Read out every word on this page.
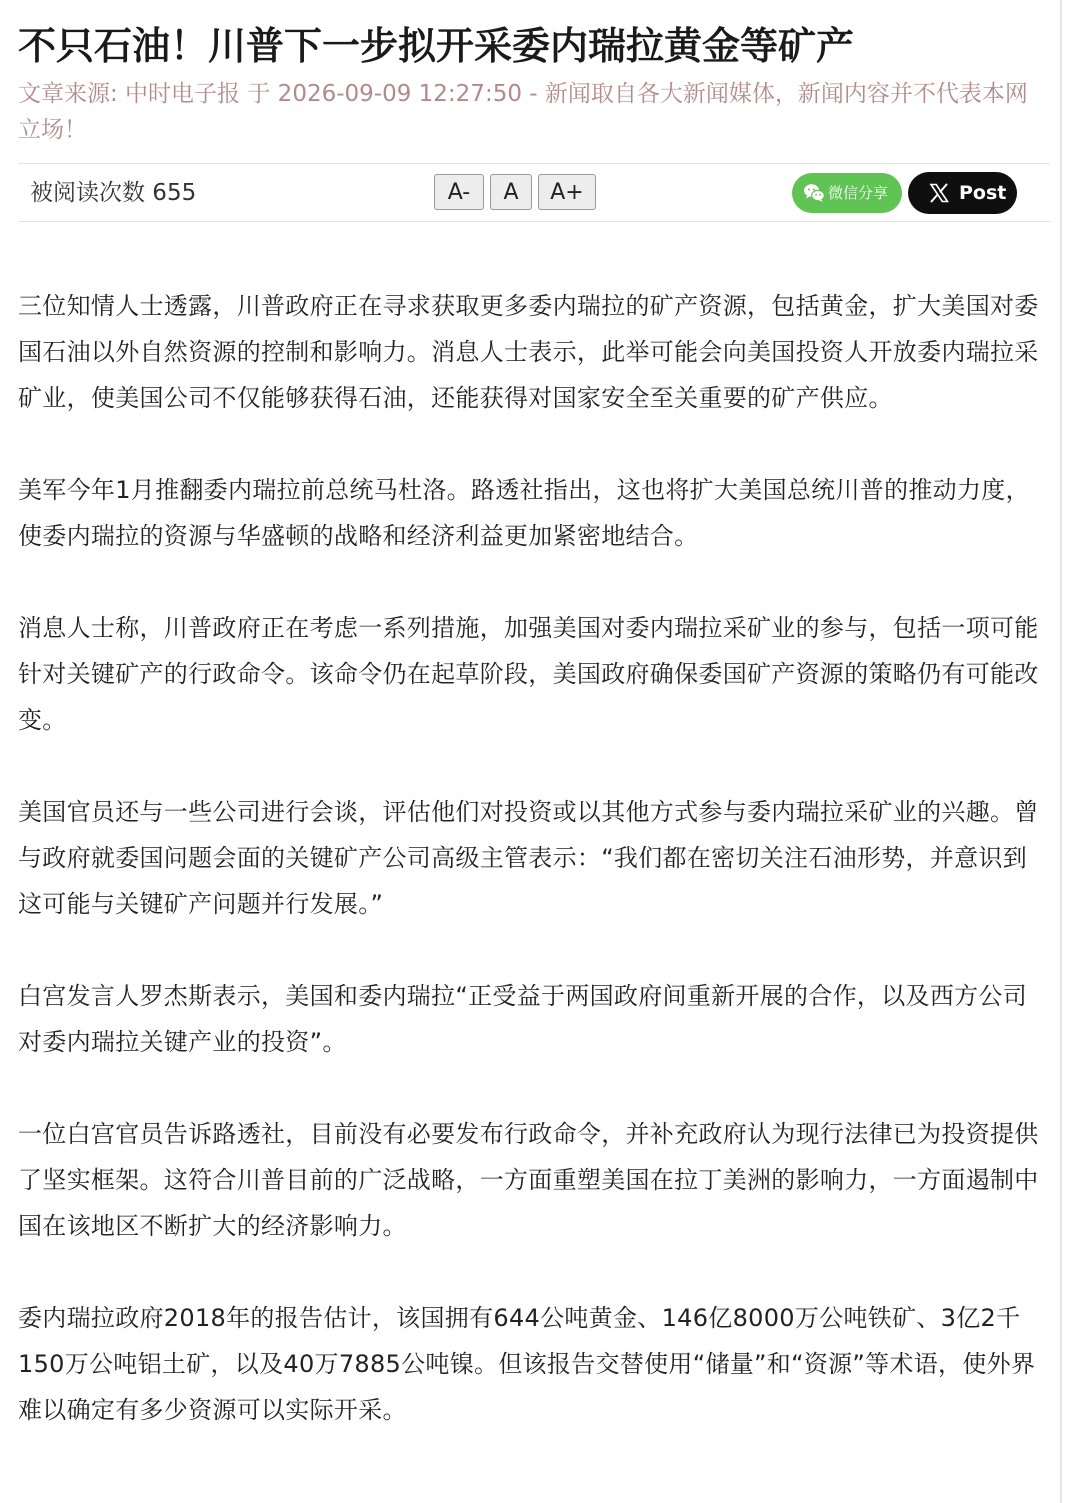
不只石油！川普下一步拟开采委内瑞拉黄金等矿产
文章来源: 中时电子报 于 2026-09-09 12:27:50 - 新闻取自各大新闻媒体，新闻内容并不代表本网立场！
被阅读次数 655	A-	A	A+	微信分享	Post

三位知情人士透露，川普政府正在寻求获取更多委内瑞拉的矿产资源，包括黄金，扩大美国对委国石油以外自然资源的控制和影响力。消息人士表示，此举可能会向美国投资人开放委内瑞拉采矿业，使美国公司不仅能够获得石油，还能获得对国家安全至关重要的矿产供应。

美军今年1月推翻委内瑞拉前总统马杜洛。路透社指出，这也将扩大美国总统川普的推动力度，使委内瑞拉的资源与华盛顿的战略和经济利益更加紧密地结合。

消息人士称，川普政府正在考虑一系列措施，加强美国对委内瑞拉采矿业的参与，包括一项可能针对关键矿产的行政命令。该命令仍在起草阶段，美国政府确保委国矿产资源的策略仍有可能改变。

美国官员还与一些公司进行会谈，评估他们对投资或以其他方式参与委内瑞拉采矿业的兴趣。曾与政府就委国问题会面的关键矿产公司高级主管表示：“我们都在密切关注石油形势，并意识到这可能与关键矿产问题并行发展。”

白宫发言人罗杰斯表示，美国和委内瑞拉“正受益于两国政府间重新开展的合作，以及西方公司对委内瑞拉关键产业的投资”。

一位白宫官员告诉路透社，目前没有必要发布行政命令，并补充政府认为现行法律已为投资提供了坚实框架。这符合川普目前的广泛战略，一方面重塑美国在拉丁美洲的影响力，一方面遏制中国在该地区不断扩大的经济影响力。

委内瑞拉政府2018年的报告估计，该国拥有644公吨黄金、146亿8000万公吨铁矿、3亿2千150万公吨铝土矿，以及40万7885公吨镍。但该报告交替使用“储量”和“资源”等术语，使外界难以确定有多少资源可以实际开采。
